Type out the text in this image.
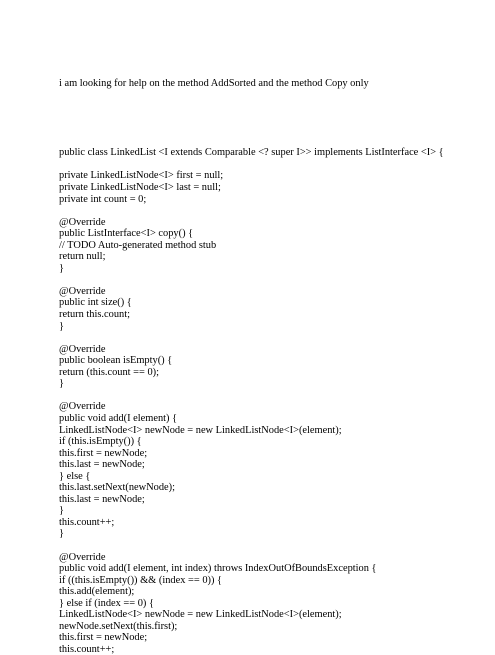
i am looking for help on the method AddSorted and the method Copy only

public class LinkedList <I extends Comparable <? super I>> implements ListInterface <I> {
private LinkedListNode<I> first = null;
private LinkedListNode<I> last = null;
private int count = 0;
@Override
public ListInterface<I> copy() {
// TODO Auto-generated method stub
return null;
}
@Override
public int size() {
return this.count;
}
@Override
public boolean isEmpty() {
return (this.count == 0);
}
@Override
public void add(I element) {
LinkedListNode<I> newNode = new LinkedListNode<I>(element);
if (this.isEmpty()) {
this.first = newNode;
this.last = newNode;
} else {
this.last.setNext(newNode);
this.last = newNode;
}
this.count++;
}
@Override
public void add(I element, int index) throws IndexOutOfBoundsException {
if ((this.isEmpty()) && (index == 0)) {
this.add(element);
} else if (index == 0) {
LinkedListNode<I> newNode = new LinkedListNode<I>(element);
newNode.setNext(this.first);
this.first = newNode;
this.count++;
